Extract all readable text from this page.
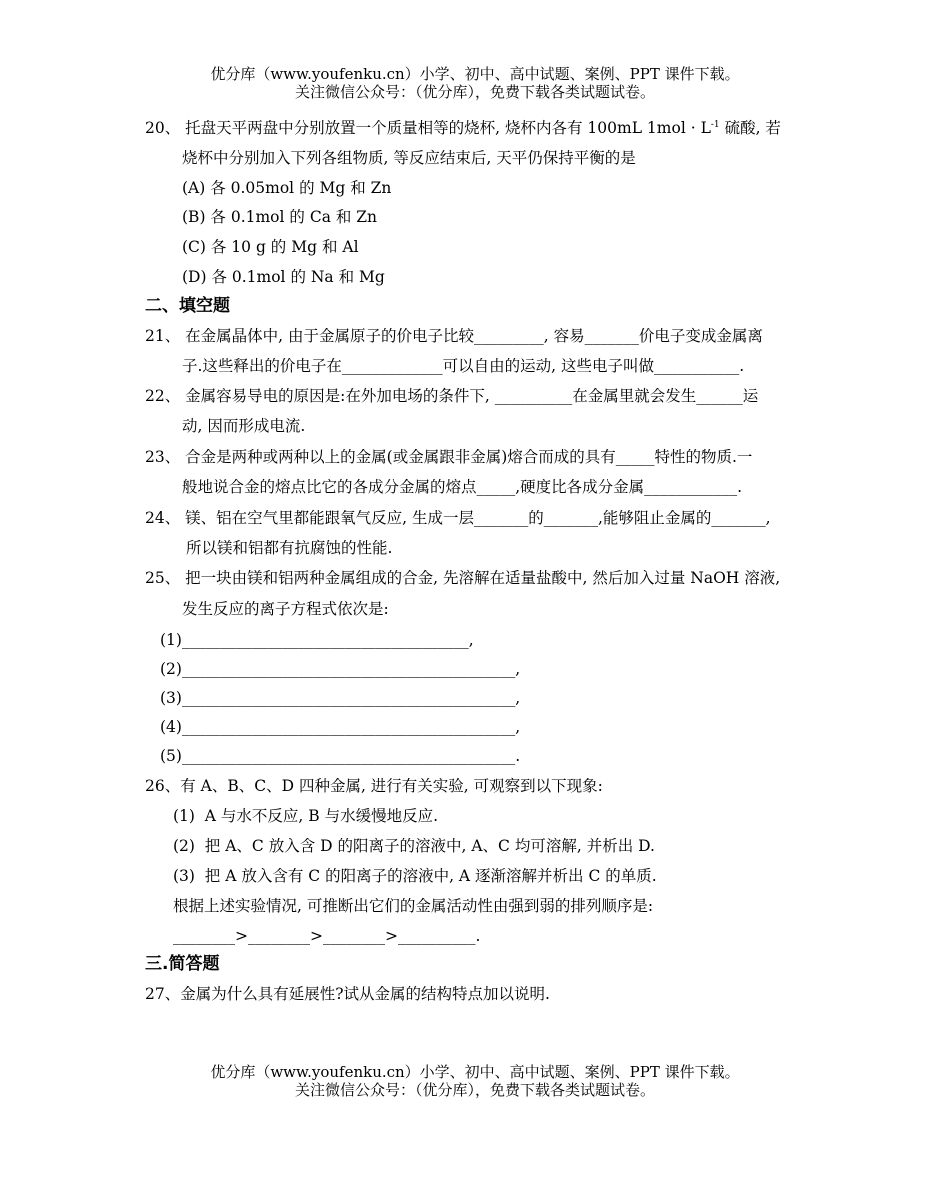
优分库（www.youfenku.cn）小学、初中、高中试题、案例、PPT 课件下载。
关注微信公众号：（优分库），免费下载各类试题试卷。
20、 托盘天平两盘中分别放置一个质量相等的烧杯, 烧杯内各有 100mL $1mol \cdot L^{-1}$ 硫酸, 若
烧杯中分别加入下列各组物质, 等反应结束后, 天平仍保持平衡的是
(A) 各 0.05mol 的 Mg 和 Zn
(B) 各 0.1mol 的 Ca 和 Zn
(C) 各 10 g 的 Mg 和 Al
(D) 各 0.1mol 的 Na 和 Mg
二、填空题
21、 在金属晶体中, 由于金属原子的价电子比较_________, 容易_______价电子变成金属离
子.这些释出的价电子在_____________可以自由的运动, 这些电子叫做___________.
22、 金属容易导电的原因是:在外加电场的条件下, __________在金属里就会发生______运
动, 因而形成电流.
23、 合金是两种或两种以上的金属(或金属跟非金属)熔合而成的具有_____特性的物质.一
般地说合金的熔点比它的各成分金属的熔点_____,硬度比各成分金属____________.
24、 镁、铝在空气里都能跟氧气反应, 生成一层_______的_______,能够阻止金属的_______,
所以镁和铝都有抗腐蚀的性能.
25、 把一块由镁和铝两种金属组成的合金, 先溶解在适量盐酸中, 然后加入过量 NaOH 溶液,
发生反应的离子方程式依次是:
(1)_____________________________________,
(2)___________________________________________,
(3)___________________________________________,
(4)___________________________________________,
(5)___________________________________________.
26、有 A、B、C、D 四种金属, 进行有关实验, 可观察到以下现象:
(1)  A 与水不反应, B 与水缓慢地反应.
(2)  把 A、C 放入含 D 的阳离子的溶液中, A、C 均可溶解, 并析出 D.
(3)  把 A 放入含有 C 的阳离子的溶液中, A 逐渐溶解并析出 C 的单质.
根据上述实验情况, 可推断出它们的金属活动性由强到弱的排列顺序是:
________>________>________>__________.
三.简答题
27、金属为什么具有延展性?试从金属的结构特点加以说明.
优分库（www.youfenku.cn）小学、初中、高中试题、案例、PPT 课件下载。
关注微信公众号：（优分库），免费下载各类试题试卷。
